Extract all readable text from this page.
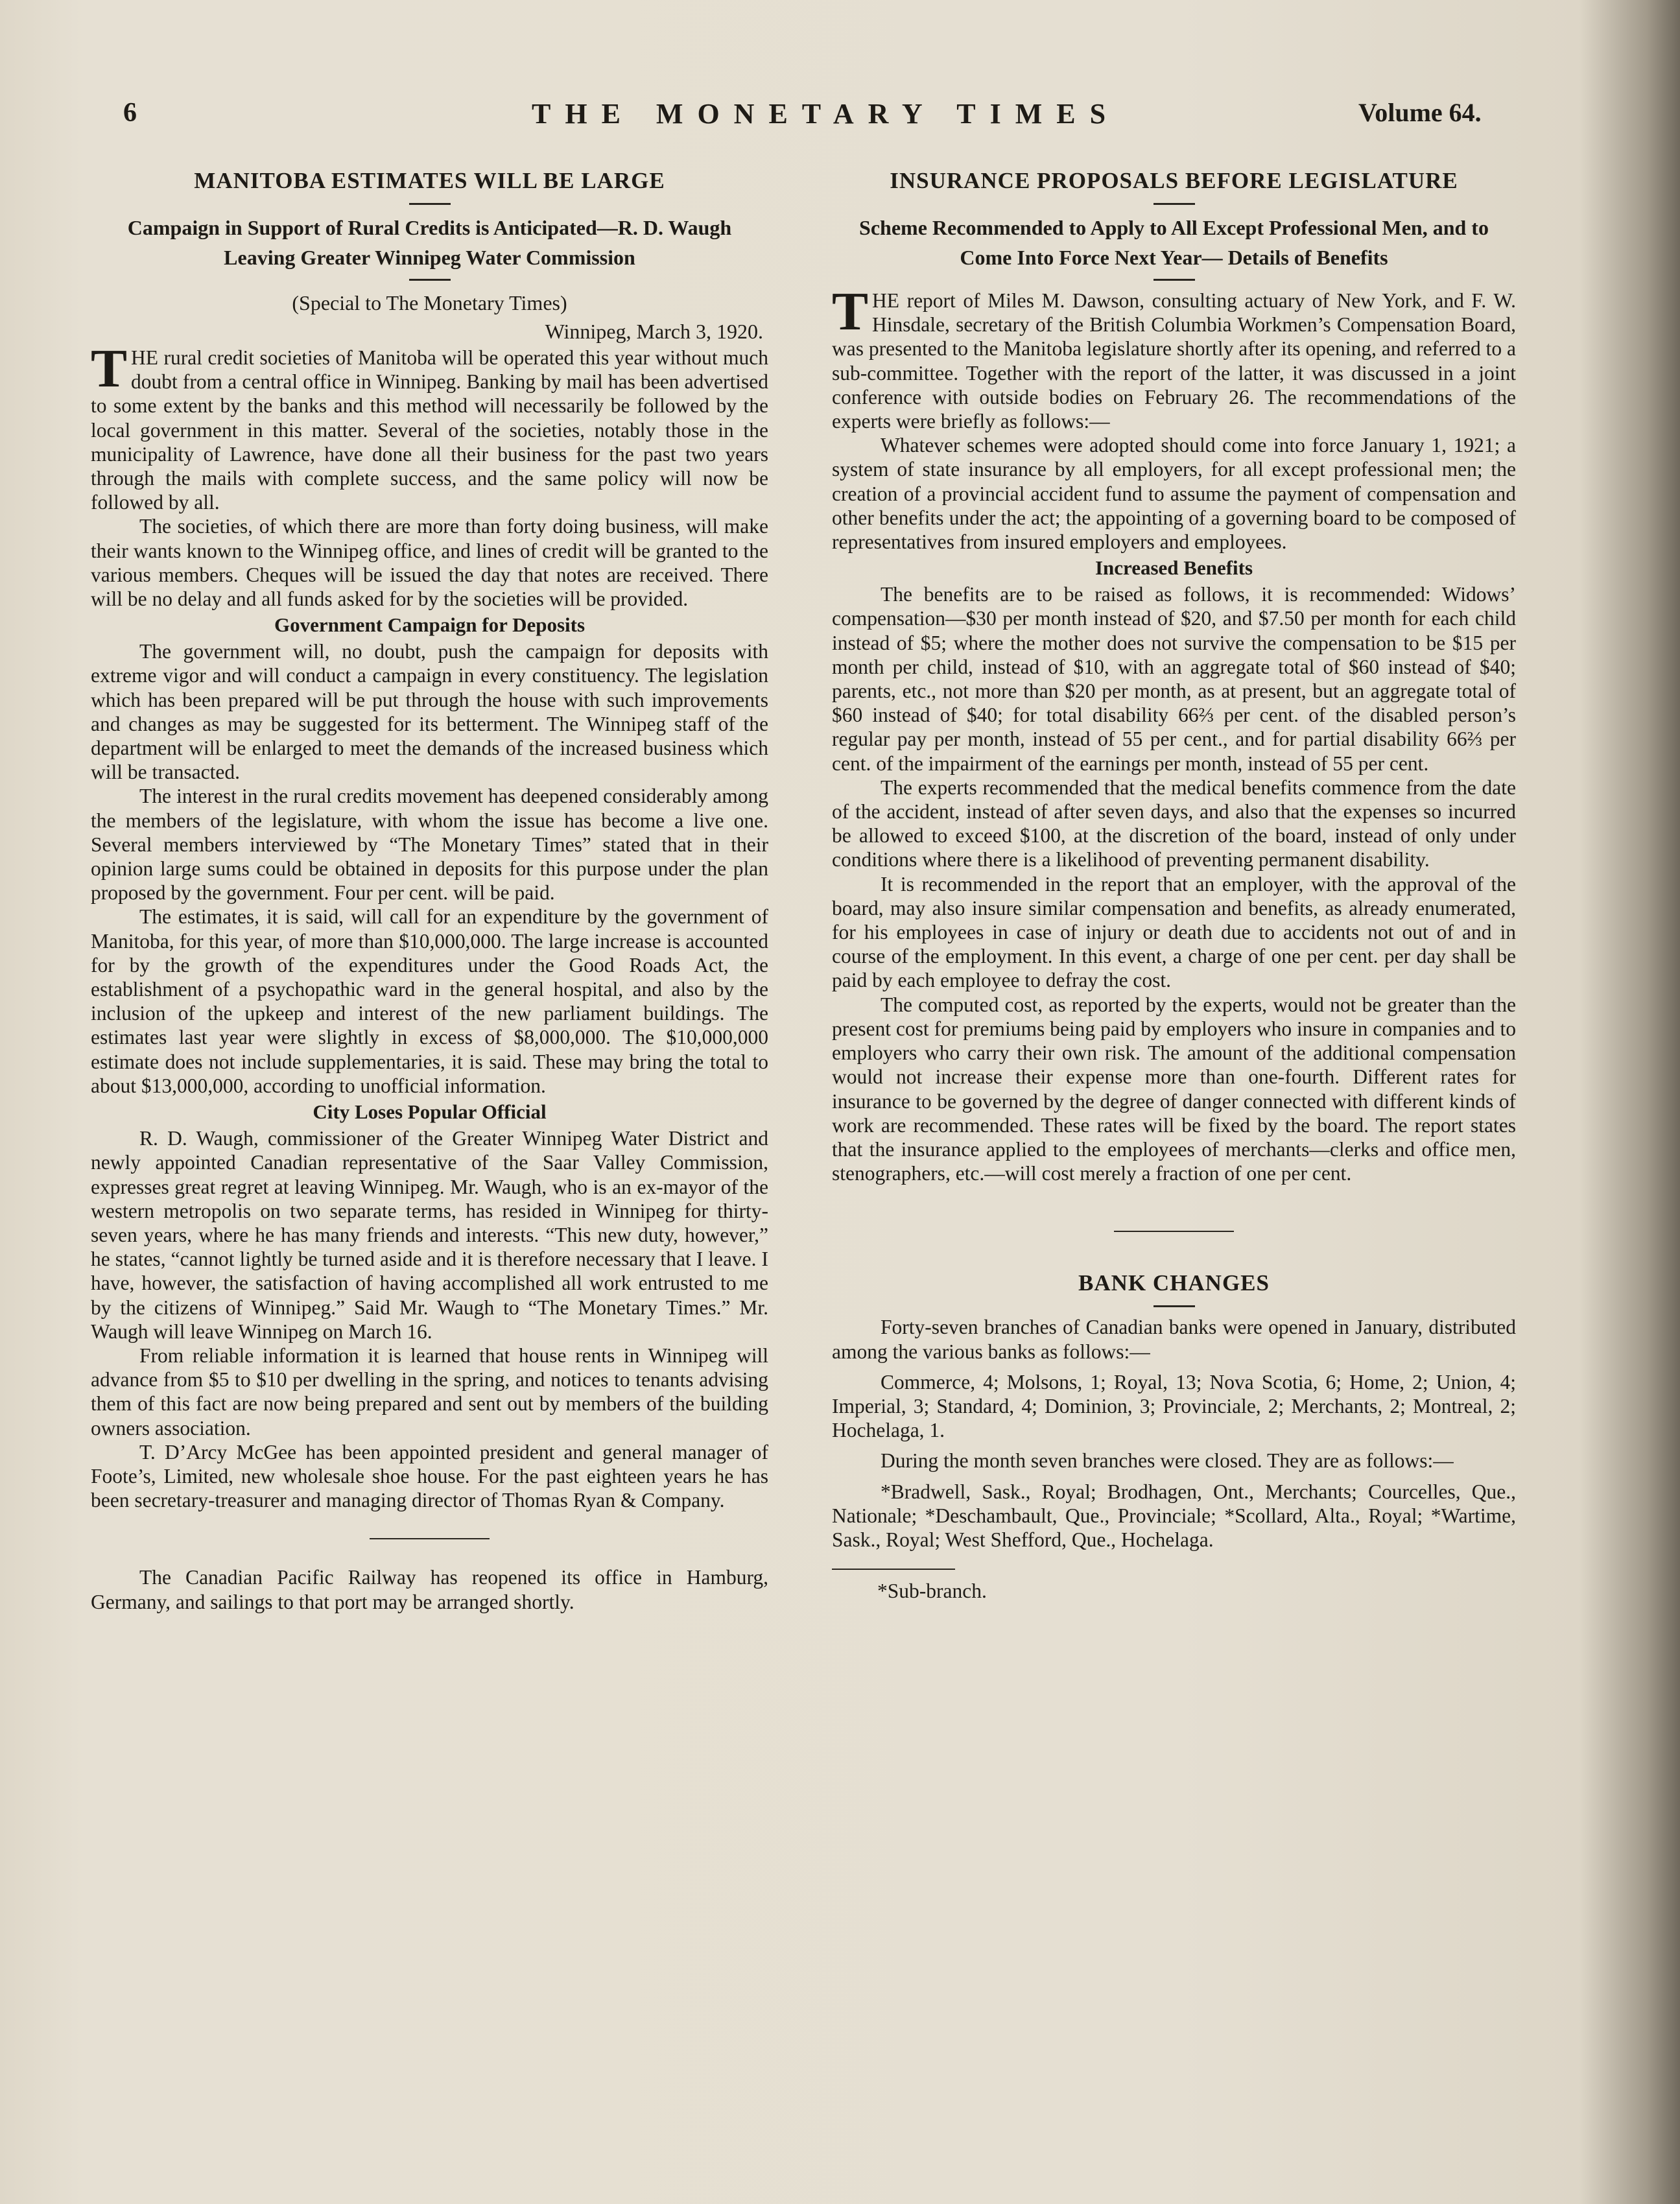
6	THE MONETARY TIMES	Volume 64.
MANITOBA ESTIMATES WILL BE LARGE
Campaign in Support of Rural Credits is Anticipated—R. D. Waugh Leaving Greater Winnipeg Water Commission
(Special to The Monetary Times)
Winnipeg, March 3, 1920.

THE rural credit societies of Manitoba will be operated this year without much doubt from a central office in Winnipeg. Banking by mail has been advertised to some extent by the banks and this method will necessarily be followed by the local government in this matter. Several of the societies, notably those in the municipality of Lawrence, have done all their business for the past two years through the mails with complete success, and the same policy will now be followed by all.

The societies, of which there are more than forty doing business, will make their wants known to the Winnipeg office, and lines of credit will be granted to the various members. Cheques will be issued the day that notes are received. There will be no delay and all funds asked for by the societies will be provided.

Government Campaign for Deposits

The government will, no doubt, push the campaign for deposits with extreme vigor and will conduct a campaign in every constituency. The legislation which has been prepared will be put through the house with such improvements and changes as may be suggested for its betterment. The Winnipeg staff of the department will be enlarged to meet the demands of the increased business which will be transacted.

The interest in the rural credits movement has deepened considerably among the members of the legislature, with whom the issue has become a live one. Several members interviewed by “The Monetary Times” stated that in their opinion large sums could be obtained in deposits for this purpose under the plan proposed by the government. Four per cent. will be paid.

The estimates, it is said, will call for an expenditure by the government of Manitoba, for this year, of more than $10,000,000. The large increase is accounted for by the growth of the expenditures under the Good Roads Act, the establishment of a psychopathic ward in the general hospital, and also by the inclusion of the upkeep and interest of the new parliament buildings. The estimates last year were slightly in excess of $8,000,000. The $10,000,000 estimate does not include supplementaries, it is said. These may bring the total to about $13,000,000, according to unofficial information.

City Loses Popular Official

R. D. Waugh, commissioner of the Greater Winnipeg Water District and newly appointed Canadian representative of the Saar Valley Commission, expresses great regret at leaving Winnipeg. Mr. Waugh, who is an ex-mayor of the western metropolis on two separate terms, has resided in Winnipeg for thirty-seven years, where he has many friends and interests. “This new duty, however,” he states, “cannot lightly be turned aside and it is therefore necessary that I leave. I have, however, the satisfaction of having accomplished all work entrusted to me by the citizens of Winnipeg.” Said Mr. Waugh to “The Monetary Times.” Mr. Waugh will leave Winnipeg on March 16.

From reliable information it is learned that house rents in Winnipeg will advance from $5 to $10 per dwelling in the spring, and notices to tenants advising them of this fact are now being prepared and sent out by members of the building owners association.

T. D’Arcy McGee has been appointed president and general manager of Foote’s, Limited, new wholesale shoe house. For the past eighteen years he has been secretary-treasurer and managing director of Thomas Ryan & Company.

The Canadian Pacific Railway has reopened its office in Hamburg, Germany, and sailings to that port may be arranged shortly.

INSURANCE PROPOSALS BEFORE LEGISLATURE
Scheme Recommended to Apply to All Except Professional Men, and to Come Into Force Next Year— Details of Benefits

THE report of Miles M. Dawson, consulting actuary of New York, and F. W. Hinsdale, secretary of the British Columbia Workmen’s Compensation Board, was presented to the Manitoba legislature shortly after its opening, and referred to a sub-committee. Together with the report of the latter, it was discussed in a joint conference with outside bodies on February 26. The recommendations of the experts were briefly as follows:—

Whatever schemes were adopted should come into force January 1, 1921; a system of state insurance by all employers, for all except professional men; the creation of a provincial accident fund to assume the payment of compensation and other benefits under the act; the appointing of a governing board to be composed of representatives from insured employers and employees.

Increased Benefits

The benefits are to be raised as follows, it is recommended: Widows’ compensation—$30 per month instead of $20, and $7.50 per month for each child instead of $5; where the mother does not survive the compensation to be $15 per month per child, instead of $10, with an aggregate total of $60 instead of $40; parents, etc., not more than $20 per month, as at present, but an aggregate total of $60 instead of $40; for total disability 66⅔ per cent. of the disabled person’s regular pay per month, instead of 55 per cent., and for partial disability 66⅔ per cent. of the impairment of the earnings per month, instead of 55 per cent.

The experts recommended that the medical benefits commence from the date of the accident, instead of after seven days, and also that the expenses so incurred be allowed to exceed $100, at the discretion of the board, instead of only under conditions where there is a likelihood of preventing permanent disability.

It is recommended in the report that an employer, with the approval of the board, may also insure similar compensation and benefits, as already enumerated, for his employees in case of injury or death due to accidents not out of and in course of the employment. In this event, a charge of one per cent. per day shall be paid by each employee to defray the cost.

The computed cost, as reported by the experts, would not be greater than the present cost for premiums being paid by employers who insure in companies and to employers who carry their own risk. The amount of the additional compensation would not increase their expense more than one-fourth. Different rates for insurance to be governed by the degree of danger connected with different kinds of work are recommended. These rates will be fixed by the board. The report states that the insurance applied to the employees of merchants—clerks and office men, stenographers, etc.—will cost merely a fraction of one per cent.

BANK CHANGES

Forty-seven branches of Canadian banks were opened in January, distributed among the various banks as follows:—

Commerce, 4; Molsons, 1; Royal, 13; Nova Scotia, 6; Home, 2; Union, 4; Imperial, 3; Standard, 4; Dominion, 3; Provinciale, 2; Merchants, 2; Montreal, 2; Hochelaga, 1.

During the month seven branches were closed. They are as follows:—

*Bradwell, Sask., Royal; Brodhagen, Ont., Merchants; Courcelles, Que., Nationale; *Deschambault, Que., Provinciale; *Scollard, Alta., Royal; *Wartime, Sask., Royal; West Shefford, Que., Hochelaga.

*Sub-branch.
